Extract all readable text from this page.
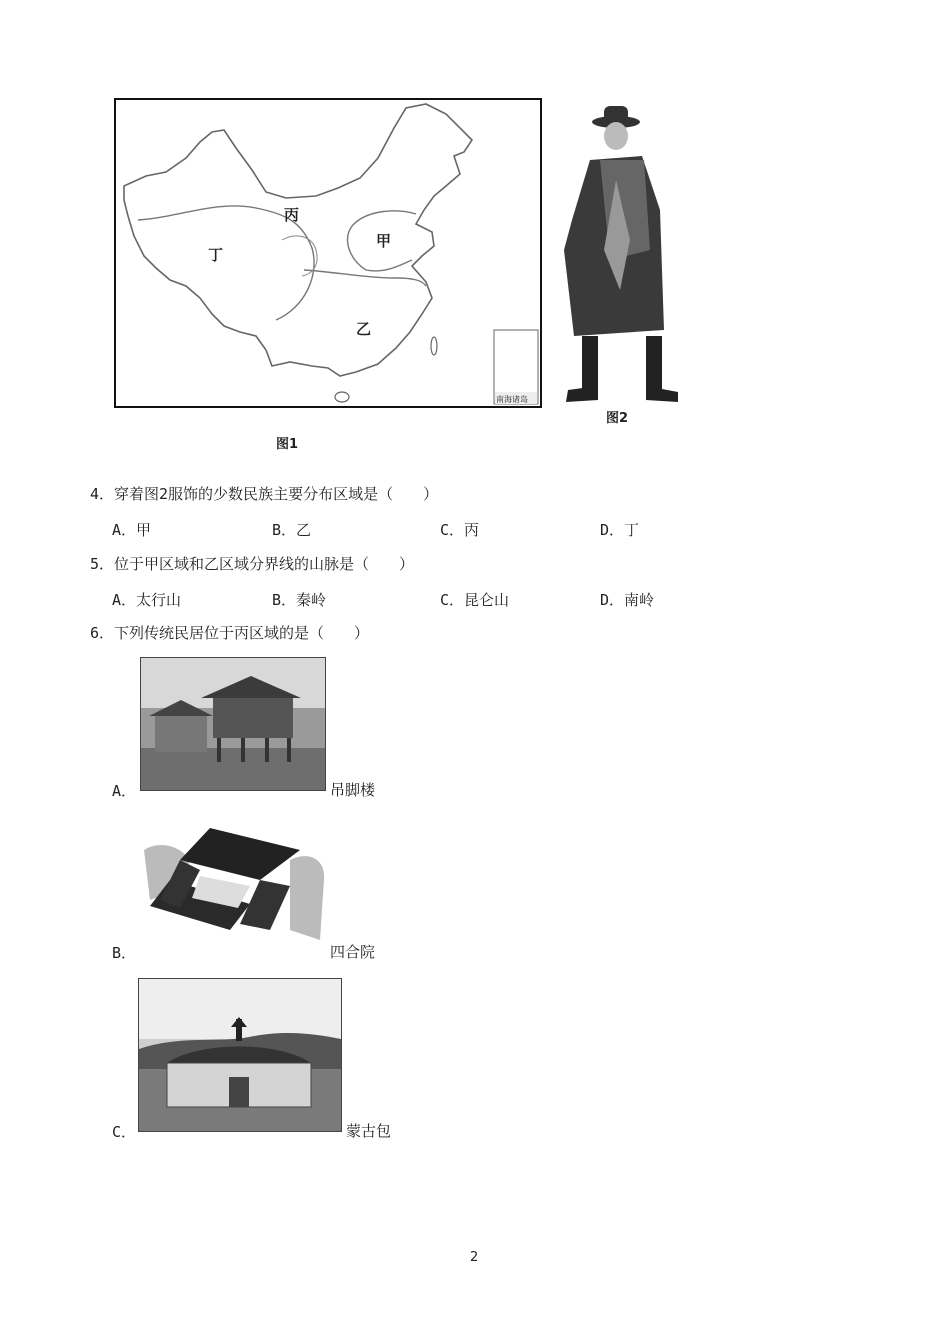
丙
甲
丁
乙
南海诸岛
图1
图2
4．穿着图2服饰的少数民族主要分布区域是（　　）
A．甲	B．乙	C．丙	D．丁
5．位于甲区域和乙区域分界线的山脉是（　　）
A．太行山	B．秦岭	C．昆仑山	D．南岭
6．下列传统民居位于丙区域的是（　　）
A．	吊脚楼
B．	四合院
C．	蒙古包
2
